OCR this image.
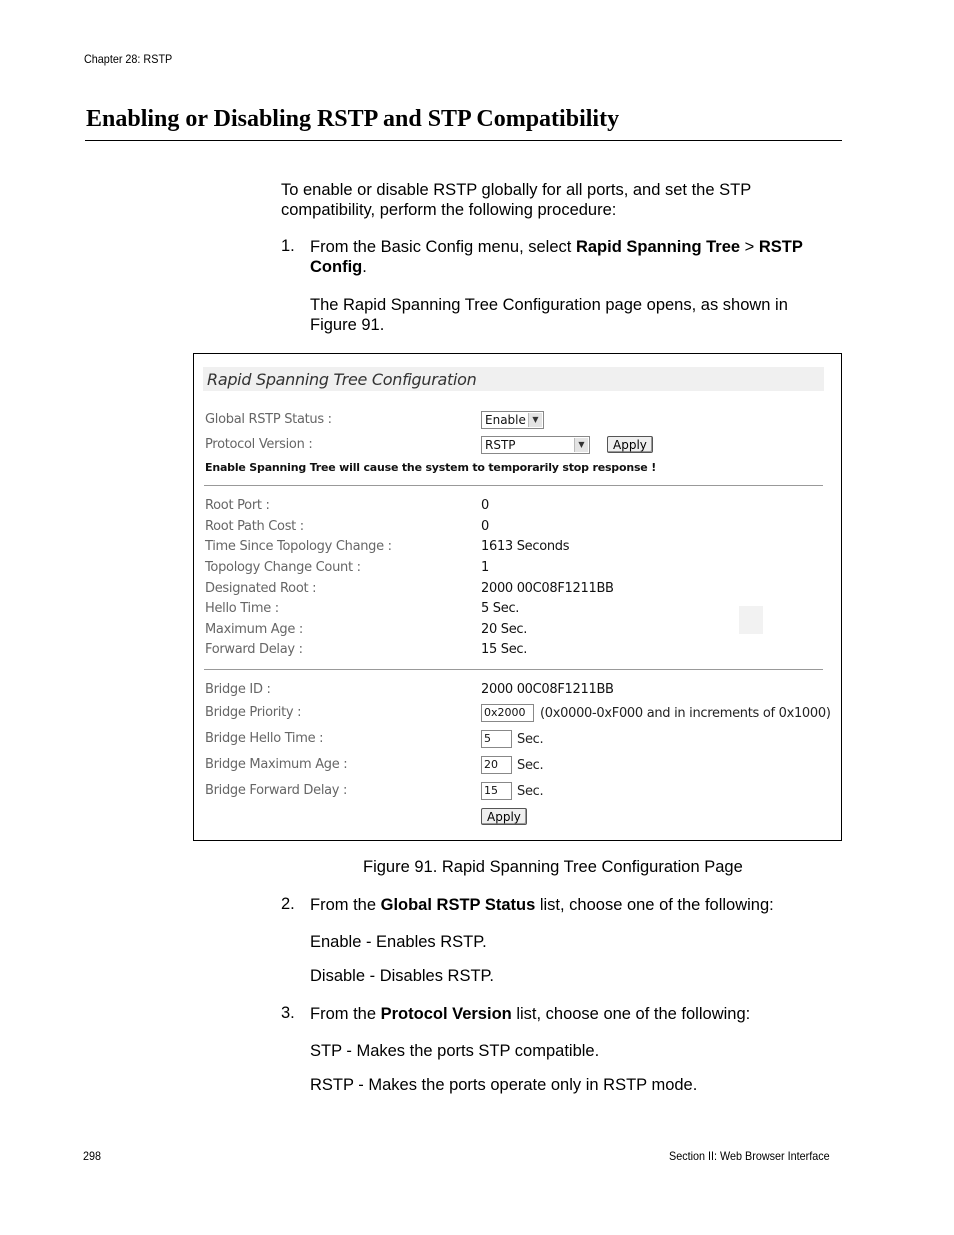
Chapter 28: RSTP
Enabling or Disabling RSTP and STP Compatibility
To enable or disable RSTP globally for all ports, and set the STP compatibility, perform the following procedure:
1. From the Basic Config menu, select Rapid Spanning Tree > RSTP Config.
The Rapid Spanning Tree Configuration page opens, as shown in Figure 91.
Rapid Spanning Tree Configuration
Global RSTP Status :	Enable ▼
Protocol Version :	RSTP	▼	Apply
Enable Spanning Tree will cause the system to temporarily stop response !
Root Port :	0
Root Path Cost :	0
Time Since Topology Change :	1613 Seconds
Topology Change Count :	1
Designated Root :	2000 00C08F1211BB
Hello Time :	5 Sec.
Maximum Age :	20 Sec.
Forward Delay :	15 Sec.
Bridge ID :	2000 00C08F1211BB
Bridge Priority :	0x2000	(0x0000-0xF000 and in increments of 0x1000)
Bridge Hello Time :	5	Sec.
Bridge Maximum Age :	20	Sec.
Bridge Forward Delay :	15	Sec.
Apply
Figure 91. Rapid Spanning Tree Configuration Page
2. From the Global RSTP Status list, choose one of the following:
Enable - Enables RSTP.
Disable - Disables RSTP.
3. From the Protocol Version list, choose one of the following:
STP - Makes the ports STP compatible.
RSTP - Makes the ports operate only in RSTP mode.
298	Section II: Web Browser Interface
